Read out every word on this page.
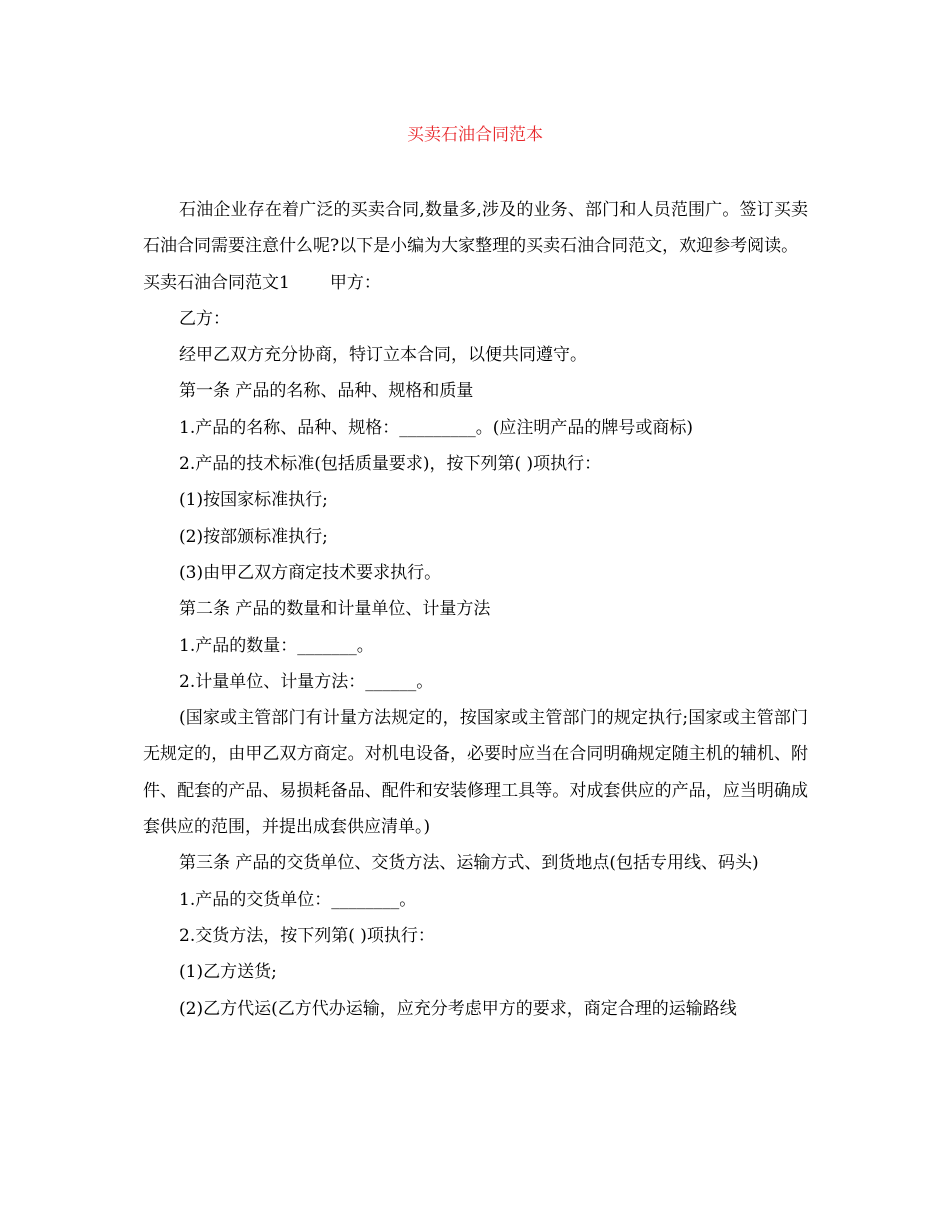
买卖石油合同范本

石油企业存在着广泛的买卖合同,数量多,涉及的业务、部门和人员范围广。签订买卖石油合同需要注意什么呢?以下是小编为大家整理的买卖石油合同范文，欢迎参考阅读。

买卖石油合同范文1 甲方：

乙方：

经甲乙双方充分协商，特订立本合同，以便共同遵守。

第一条 产品的名称、品种、规格和质量

1.产品的名称、品种、规格：_________。(应注明产品的牌号或商标)

2.产品的技术标准(包括质量要求)，按下列第( )项执行：

(1)按国家标准执行;

(2)按部颁标准执行;

(3)由甲乙双方商定技术要求执行。

第二条 产品的数量和计量单位、计量方法

1.产品的数量：_______。

2.计量单位、计量方法：______。

(国家或主管部门有计量方法规定的，按国家或主管部门的规定执行;国家或主管部门无规定的，由甲乙双方商定。对机电设备，必要时应当在合同明确规定随主机的辅机、附件、配套的产品、易损耗备品、配件和安装修理工具等。对成套供应的产品，应当明确成套供应的范围，并提出成套供应清单。)

第三条 产品的交货单位、交货方法、运输方式、到货地点(包括专用线、码头)

1.产品的交货单位：________。

2.交货方法，按下列第( )项执行：

(1)乙方送货;

(2)乙方代运(乙方代办运输，应充分考虑甲方的要求，商定合理的运输路线
